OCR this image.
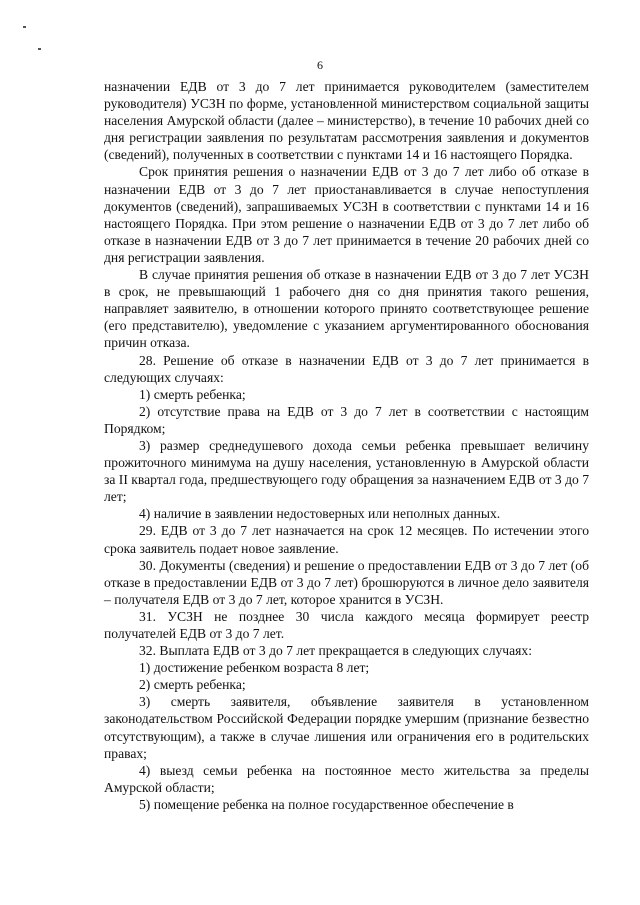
6

назначении ЕДВ от 3 до 7 лет принимается руководителем (заместителем руководителя) УСЗН по форме, установленной министерством социальной защиты населения Амурской области (далее – министерство), в течение 10 рабочих дней со дня регистрации заявления по результатам рассмотрения заявления и документов (сведений), полученных в соответствии с пунктами 14 и 16 настоящего Порядка.

Срок принятия решения о назначении ЕДВ от 3 до 7 лет либо об отказе в назначении ЕДВ от 3 до 7 лет приостанавливается в случае непоступления документов (сведений), запрашиваемых УСЗН в соответствии с пунктами 14 и 16 настоящего Порядка. При этом решение о назначении ЕДВ от 3 до 7 лет либо об отказе в назначении ЕДВ от 3 до 7 лет принимается в течение 20 рабочих дней со дня регистрации заявления.

В случае принятия решения об отказе в назначении ЕДВ от 3 до 7 лет УСЗН в срок, не превышающий 1 рабочего дня со дня принятия такого решения, направляет заявителю, в отношении которого принято соответствующее решение (его представителю), уведомление с указанием аргументированного обоснования причин отказа.

28. Решение об отказе в назначении ЕДВ от 3 до 7 лет принимается в следующих случаях:

1) смерть ребенка;

2) отсутствие права на ЕДВ от 3 до 7 лет в соответствии с настоящим Порядком;

3) размер среднедушевого дохода семьи ребенка превышает величину прожиточного минимума на душу населения, установленную в Амурской области за II квартал года, предшествующего году обращения за назначением ЕДВ от 3 до 7 лет;

4) наличие в заявлении недостоверных или неполных данных.

29. ЕДВ от 3 до 7 лет назначается на срок 12 месяцев. По истечении этого срока заявитель подает новое заявление.

30. Документы (сведения) и решение о предоставлении ЕДВ от 3 до 7 лет (об отказе в предоставлении ЕДВ от 3 до 7 лет) брошюруются в личное дело заявителя – получателя ЕДВ от 3 до 7 лет, которое хранится в УСЗН.

31. УСЗН не позднее 30 числа каждого месяца формирует реестр получателей ЕДВ от 3 до 7 лет.

32. Выплата ЕДВ от 3 до 7 лет прекращается в следующих случаях:

1) достижение ребенком возраста 8 лет;

2) смерть ребенка;

3) смерть заявителя, объявление заявителя в установленном законодательством Российской Федерации порядке умершим (признание безвестно отсутствующим), а также в случае лишения или ограничения его в родительских правах;

4) выезд семьи ребенка на постоянное место жительства за пределы Амурской области;

5) помещение ребенка на полное государственное обеспечение в
